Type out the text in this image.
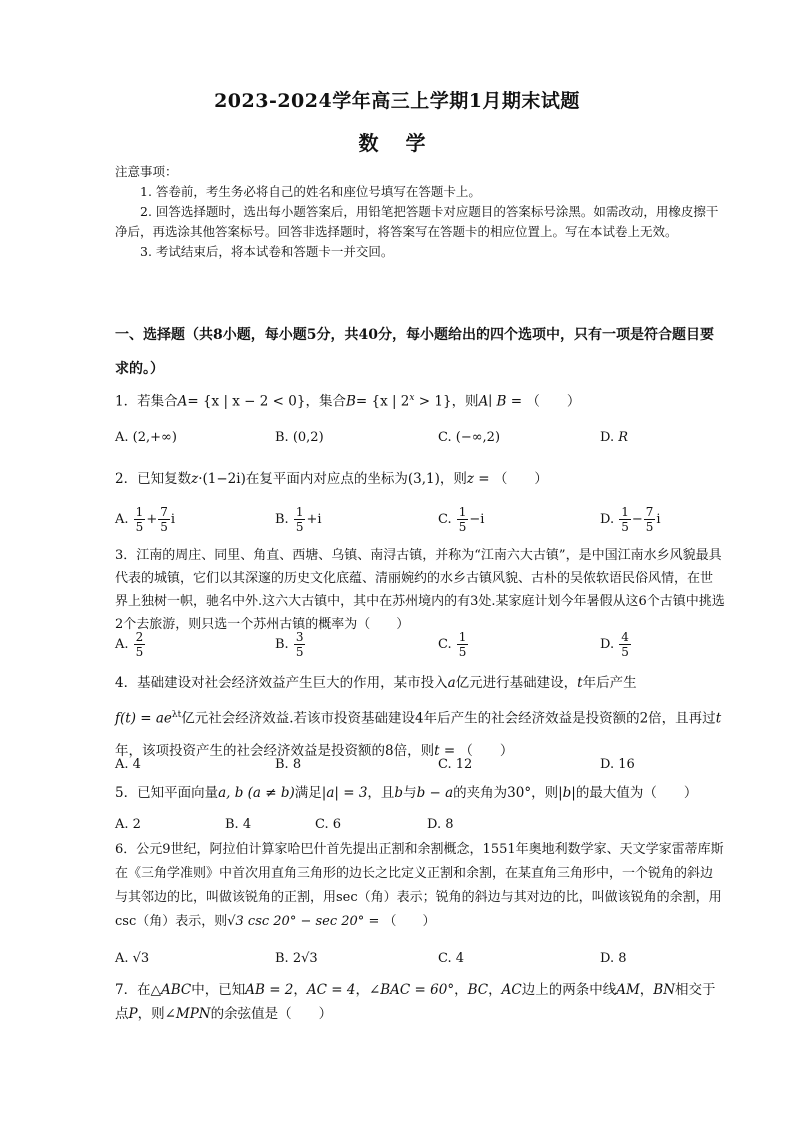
2023-2024学年高三上学期1月期末试题
数 学
注意事项：
1. 答卷前，考生务必将自己的姓名和座位号填写在答题卡上。
2. 回答选择题时，选出每小题答案后，用铅笔把答题卡对应题目的答案标号涂黑。如需改动，用橡皮擦干净后，再选涂其他答案标号。回答非选择题时，将答案写在答题卡的相应位置上。写在本试卷上无效。
3. 考试结束后，将本试卷和答题卡一并交回。
一、选择题（共8小题，每小题5分，共40分，每小题给出的四个选项中，只有一项是符合题目要求的。）
1．若集合A= {x | x − 2 < 0}，集合B= {x | $2^x > 1$}，则A∣ B = （　　）
A. (2,+∞)	B. (0,2)	C. (−∞,2)	D. R
2．已知复数z·(1−2i)在复平面内对应点的坐标为(3,1)，则z = （　　）
A. $\frac{1}{5} + \frac{7}{5}$ i	B. $\frac{1}{5} +i$	C. $\frac{1}{5} -i$	D. $\frac{1}{5} - \frac{7}{5}$ i
3．江南的周庄、同里、角直、西塘、乌镇、南浔古镇，并称为“江南六大古镇”，是中国江南水乡风貌最具代表的城镇，它们以其深邃的历史文化底蕴、清丽婉约的水乡古镇风貌、古朴的吴侬软语民俗风情，在世界上独树一帜，驰名中外.这六大古镇中，其中在苏州境内的有3处.某家庭计划今年暑假从这6个古镇中挑选2个去旅游，则只选一个苏州古镇的概率为（　　）
A. $\frac{2}{5}$	B. $\frac{3}{5}$	C. $\frac{1}{5}$	D. $\frac{4}{5}$
4．基础建设对社会经济效益产生巨大的作用，某市投入a亿元进行基础建设，t年后产生
$f(t) = ae^{\lambda t}$亿元社会经济效益.若该市投资基础建设4年后产生的社会经济效益是投资额的2倍，且再过t年，该项投资产生的社会经济效益是投资额的8倍，则t = （　　）
A. 4	B. 8	C. 12	D. 16
5．已知平面向量a, b (a ≠ b)满足|a| = 3，且b与b − a的夹角为30°，则|b|的最大值为（　　）
A. 2	B. 4	C. 6	D. 8
6．公元9世纪，阿拉伯计算家哈巴什首先提出正割和余割概念，1551年奥地利数学家、天文学家雷蒂库斯在《三角学准则》中首次用直角三角形的边长之比定义正割和余割，在某直角三角形中，一个锐角的斜边与其邻边的比，叫做该锐角的正割，用sec（角）表示；锐角的斜边与其对边的比，叫做该锐角的余割，用csc（角）表示，则√3 csc 20° − sec 20° = （　　）
A. √3	B. 2√3	C. 4	D. 8
7．在△ABC中，已知AB = 2，AC = 4，∠BAC = 60°，BC，AC边上的两条中线AM，BN相交于点P，则∠MPN的余弦值是（　　）
